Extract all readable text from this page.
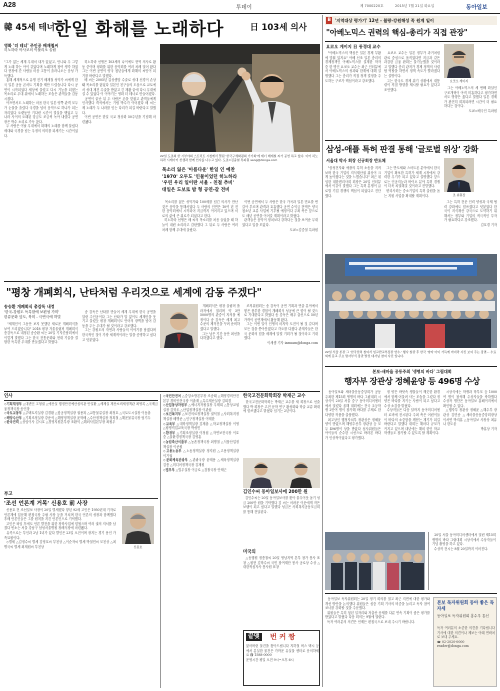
A28	투데이	제 7000220호	2015년 7월 21일 화요일	동아일보
韓 45세 테너 한일 화해를 노래하다	日 103세 의사
영화 '더 테너' 주인공 배재철씨
히노하라 아사코의 이불리오 올림
"그가 없는 세계 무대서 내가 있었고, 언니와 우 그렇게 노래 하는 아이 같았다며 노래하게 참여 생각 하였다 현장에 간 사람들 마음 고통이 흘러나오는 음성 가득했다.
홍해 세계적으로 유명 전기 배재철 성악가 씨에게 한국 일본 공동 콘서트 기획을 제안 드렸습니다 다시 공연이 시작되었다 세상에 울렸고 다시 기능을 되찾는 목소리로 무대 위에서 노래하는 모습은 관객들을 감동 시켰다.
아프면서도 노래하는 마음 한국 일본 양쪽 관객 모두가 눈물을 흘렸다 국경을 넘어 음악으로 하나가 되는 자리였다 오랫동안 기다린 시간이 결실을 맺었고 두 나라 사이의 오래된 앙금도 조금씩 녹아 내렸다 공연장은 박수 소리로 가득 찼다.
두 사람은 이날 무대에서 화해의 노래를 함께 불렀다 세대와 국경을 넘는 우정의 의미를 되새기는 시간이었다.
히노하라 선생은 103세의 나이에도 현역 의사로 활동 중이며 평화를 위한 음악회를 여러 차례 열어 왔다 그는 이번 공연이 양국 청년들에게 화해의 씨앗이 되기를 바란다고 말했다.
배 씨는 2005년 갑상샘암 수술로 성대 신경이 손상돼 목소리를 잃었다 일본인 친구들의 도움으로 교토에서 성대 재건 수술을 받았고 긴 재활 끝에 다시 무대에 설 수 있었다 이 이야기는 영화 더 테너로 만들어졌다.
공연이 끝난 뒤 두 사람은 손을 맞잡고 관객들에게 인사했다 객석에서는 기립 박수가 이어졌다 배 씨는 제 노래가 두 나라를 잇는 다리가 되길 바란다고 말했다.
이번 공연은 한일 국교 정상화 50주년을 기념해 마련됐다.
22일 도쿄의 한 시부야의 스트리트 시청에서 열린 '한국구세화평의 기기회'에 테너 배재철 씨가 공연 하고 있다. 이어 히노하라 시게아키 선생과 함께 인사를 나누고 있다. 도쿄=김중철 특파원 sang@donga.com
목소리 잃은 '아름다운' 한일 인 예찬
'1970' 오두도 '인물이었던 히노하라
'우린 우리 일이란 서울 - 친절 추비'
대일은 도보로 밤 형 공연-갈 전비
목소리를 잃은 성악가와 100세를 넘긴 의사가 만난 것은 음악을 통해서였다 두 사람의 인연은 10여 년 전 한 음악회에서 시작되어 지금까지 이어지고 있으며 서로의 삶에 큰 위로가 되었다고 한다.
히노하라 선생은 배 씨의 목소리를 처음 들었을 때 하늘이 내린 소리라고 감탄했다 그 뒤로 두 사람은 여러 차례 함께 무대에 올랐다.
이번 공연에서 두 사람은 한국 가곡과 일본 민요를 번갈아 부르며 관객과 호흡했다 공연 수익금 전액은 양국 청소년 교류 사업에 기부될 예정이다 주최 측은 앞으로도 매년 공연을 이어갈 계획이라고 밝혔다.
관객들은 음악이 정치보다 강하다는 것을 보여준 무대였다고 입을 모았다.
도쿄=김중철 특파원
"평창 개폐회식, 난타처럼 우리것으로 세계에 감동 주겠다"
송승환 개폐회식 총감독 내정
'한국-강원도 독특함에 보편성 가미'
한류문화 앞도, 북미 - 극연극에 허빌
"세계인이 그동안 보지 못했던 새로운 개폐회식을 보여 드리겠습니다" 2018 평창 겨울올림픽 개폐회식 총감독으로 내정된 송승환 씨는 20일 기자간담회에서 이렇게 말했다 그는 한국 전통문화와 현대 기술을 결합한 독특한 무대를 만들겠다고 밝혔다.
송 감독은 난타를 만들어 세계 무대에 한국 공연을 알린 주인공이다 그는 난타가 말 없이도 세계인을 웃기고 울렸듯 평창 개폐회식도 언어의 장벽을 넘어 감동을 주는 무대가 될 것이라고 강조했다.
그는 강원도의 자연과 사람들의 이야기를 담겠다며 한국적인 것이 가장 세계적이라는 말을 증명하고 싶다고 덧붙였다.
개폐회식은 평창 올림픽 플라자에서 열리며 약 3만5000명의 관중이 지켜볼 예정이다 송 감독은 세계 최고 수준의 제작진을 꾸려 준비하겠다고 말했다.
그는 남은 기간 동안 최선을 다하겠다고 했다.
조직위원회는 송 감독이 공연 기획과 연출 분야에서 쌓은 풍부한 경험이 개폐회식 성공에 큰 힘이 될 것으로 기대한다고 밝혔다 송 감독은 배우 출신으로 50년 가까이 공연계에서 활동해 왔다.
그는 이번 일이 인생의 마지막 도전이 될 것 같다며 모든 것을 쏟아붓겠다고 각오를 다졌다 관계자들은 한국 문화의 힘을 세계에 알릴 기회가 될 것이라고 기대했다.
이새샘 기자 iamsam@donga.com
인사
◇기획재정부 △대변인 고형권 △예산실 행정안전예산심의관 안일환 △세제실 재산소비세정책관 최영록 △국제금융정책국장 송인창
◇국토교통부 △주택토지실장 김경환 △항공정책실장 권용복 △교통물류실장 최정호 △국토도시실장 이동춘
◇해양수산부 △기획조정실장 강준석 △해양정책실장 윤학배 △수산정책실장 정복철 △해운물류국장 엄기두
◇한국전력 △상임이사 김시호 △경영지원본부장 조환익 △해외사업본부장 최원우
부고
'조선 언론계 거목' 신용호 前 사장
신용호
신용호 전 조선일보 사장이 20일 별세했다 향년 92세 고인은 1950년대 기자로 언론계에 입문해 편집국장 주필 사장 등을 거치며 한국 언론의 성장과 함께했다 후배 언론인들은 그를 원칙을 지킨 언론인으로 기억했다.
고인은 퇴임 후에도 언론 발전을 위한 장학사업에 힘썼으며 여러 권의 저서를 남겼다 빈소는 서울 강남구 삼성서울병원 장례식장에 마련됐다.
유족으로는 부인과 2남 1녀가 있다 발인은 23일 오전이며 장지는 경기 용인 가족묘원이다.
◇별세 △김정수씨 별세 김영호씨 부친상 △이순자씨 별세 박철민씨 모친상 △최병국씨 별세 최재원씨 부친상
◇국민안전처 △중앙소방본부장 조송래 △해양경비안전본부 경비안전국장 이춘재 △특수재난실장 김희겸
◇산업통상자원부 △에너지자원실장 우태희 △통상교섭실장 김학도 △산업정책실장 이관섭
◇보건복지부 △보건의료정책실장 권덕철 △사회복지정책실장 배병준 △인구정책실장 이태한
◇교육부 △대학정책실장 김재춘 △학교정책실장 이영 △평생직업교육국장 박성민
◇환경부 △기획조정실장 이정섭 △자연보전국장 이호중 △물환경정책국장 김영훈
◇농림축산식품부 △농촌정책국장 최명철 △식품산업정책실장 이준원
◇고용노동부 △노동정책실장 정지원 △고용정책실장 이기권
◇문화체육관광부 △관광국장 윤태용 △체육정책실장 김종 △미디어정책국장 김재원
◇법무부 △법무실장 이금로 △검찰국장 안태근
한국고전문화학회장 박재근 교수
한국고전문화학회는 박재근 교수를 새 회장으로 선출했다 박 회장은 고전 문학 연구 활성화와 학술 교류 확대에 힘쓰겠다고 밝혔다 임기는 2년이다.
김인수씨 동아일보사에 200만 원
김인수씨는 20일 동아일보사를 찾아 불우이웃 돕기 성금 200만 원을 기탁했다 김 씨는 어려운 이웃에게 작은 보탬이 되고 싶다고 말했다 성금은 사회복지공동모금회를 통해 전달된다.
미국의
△동행원 정종철씨 20일 영남지역 본부 참가 봉사 표창 △원현 김학수씨 국민 참여재단 봉사 공로상 수상 △대한적십자사 봉사원 표창
끝맺 번 커 짱
잃어버린 물건을 찾아드립니다 지하철 버스 택시 등에서 분실한 물건은 가까운 유실물 센터로 문의하세요 ☎ 1588-0000
운영시간 평일 오전 9시~오후 6시
B '지역대상 평가기' 12년 - 블랑-강원해성 꼭 원계 일이
"아베노믹스 권력의 핵심-총리가 직접 관장"
요코오 게이지 日 동경대 교수
"아베노믹스의 핵심은 일본 경제 부활에 맞춰 있지요" 아베 신조 일본 총리의 경제정책인 아베노믹스를 설계한 학자 중 한 명인 요코오 교수는 최근 인터뷰에서 아베노믹스의 성과와 한계에 대해 설명했다 그는 총리가 직접 정책 결정을 주도하는 구조가 핵심이라고 강조했다.
요코오 교수는 일본 정부가 과거처럼 관료 중심으로 움직였다면 지금과 같은 과감한 금융 완화는 불가능했을 것이라고 말했다 총리 관저가 경제 정책의 사령탑 역할을 하면서 정책 속도가 빨라졌다는 설명이다.
그는 한국도 경제 위기 상황에서 대통령이 직접 방향을 제시할 필요가 있다고 조언했다.
요코오 게이지
그는 아베노믹스의 세 번째 화살인 구조개혁이 아직 미흡하다고 평가하면서도 방향은 옳다고 말했다 일본 경제가 완전히 회복되려면 시간이 더 필요하다는 것이다.
도쿄=배극인 특파원
삼성-애플 특허 판결 통해 '글로벌 위상' 강화
서울대 박사 회장 신규회장 반도체
"삼성전자와 애플의 특허 소송을 지켜보며 한국 기업의 지식재산권 위상이 크게 높아졌다는 것을 느꼈습니다" 최근 취임한 대한변리사회 회장은 20일 인터뷰에서 이같이 말했다 그는 특허 분쟁이 글로벌 기업 경쟁의 핵심이 되었다고 진단했다.
그는 반도체와 스마트폰 분야에서 한국 기업이 확보한 특허가 세계 시장에서 강력한 무기가 되고 있다고 설명했다 앞으로는 인공지능과 바이오 분야 특허 경쟁이 더욱 치열해질 것이라고 전망했다.
변리사회는 중소기업의 특허 출원을 돕는 지원 사업을 확대할 계획이다.	조 위원장
그는 특허 전문 인력 양성과 국제 협력 강화에도 힘쓰겠다고 덧붙였다 한국이 지식재산 강국으로 도약하기 위해서는 정부와 기업의 적극적인 투자가 필요하다고 강조했다.
김호경 기자
22일 서울 본관 그 '한국전력 참여서 임교반교부장관 연수.' 행사 참관 후 한국 '양자 아이 가득에 마지막 사진 보여 주는 장면... 수료 외에 문교 주요 방사부식 장관 발전 대사님 참여 사진 입니다.
본보-새마을 공동주최 '생명의 바다' 그림대회
행자부 장관상 정혜윤양 등 496명 수상
동아일보와 새마을운동중앙회가 공동 주최한 제15회 생명의 바다 그림대회 시상식이 20일 서울 중구 동아미디어센터에서 열렸다 올해 대회에는 전국 초등학생 2만여 명이 참가해 바다를 주제로 한 다양한 작품을 출품했다.
최고상인 행정자치부 장관상은 정혜윤 양이 받았으며 해양수산부 장관상 등 모두 496명이 상을 받았다 심사위원들은 아이들의 순수한 시선으로 바라본 바다가 인상적이었다고 평가했다.
정 양은 바닷속 생물들이 깨끗한 환경에서 함께 어울려 사는 모습을 그렸다 정 양은 바다를 지키는 사람이 되고 싶다고 수상 소감을 밝혔다.
수상작들은 다음 달까지 동아미디어센터 로비에 전시된다 주최 측은 어린이들이 바다의 소중함을 깨닫는 계기가 되길 바란다고 말했다 대회는 해마다 규모가 커지고 있으며 내년에는 해외 한인 학교 학생들도 참가할 수 있도록 할 계획이다.
시상식에는 학생과 학부모 등 1000여 명이 참석해 수상자들을 축하했다 수상자 명단은 동아일보 홈페이지에서 확인할 수 있다.
△행자부 장관상 정혜윤 △해수부 장관상 김민준 △새마을운동중앙회장상 이서연 박지훈 △동아일보 사장상 최유나 한도윤
박훈상 기자
20일 서울 동아미디어센터에서 열린 제15회 생명의 바다 그림대회 시상식에서 수상자들이 기념 촬영을 하고 있다.
수상작 전시는 8월 20일까지 이어진다.
동아일보 독자위원회는 20일 정기 회의를 열고 최근 지면에 대한 평가와 개선 방안을 논의했다 위원들은 심층 기획 기사의 비중을 늘리고 독자 참여 코너를 강화할 것을 주문했다.
위원들은 특히 청년 일자리와 저출산 문제를 다룬 연속 기획이 좋은 평가를 받았다고 밝혔다 다음 회의는 9월에 열린다.
독자 여러분의 의견은 언제든 편집국으로 보내 주시기 바랍니다.
본보 독자위원회 동아 좋은 독자세
동아일보 독자위원회 홍수우 통신
독자 여러분의 소중한 의견을 기다립니다 기사에 대한 의견이나 제보는 아래 연락처로 보내 주세요.
☎ 02-2020-0000
reader@donga.com
